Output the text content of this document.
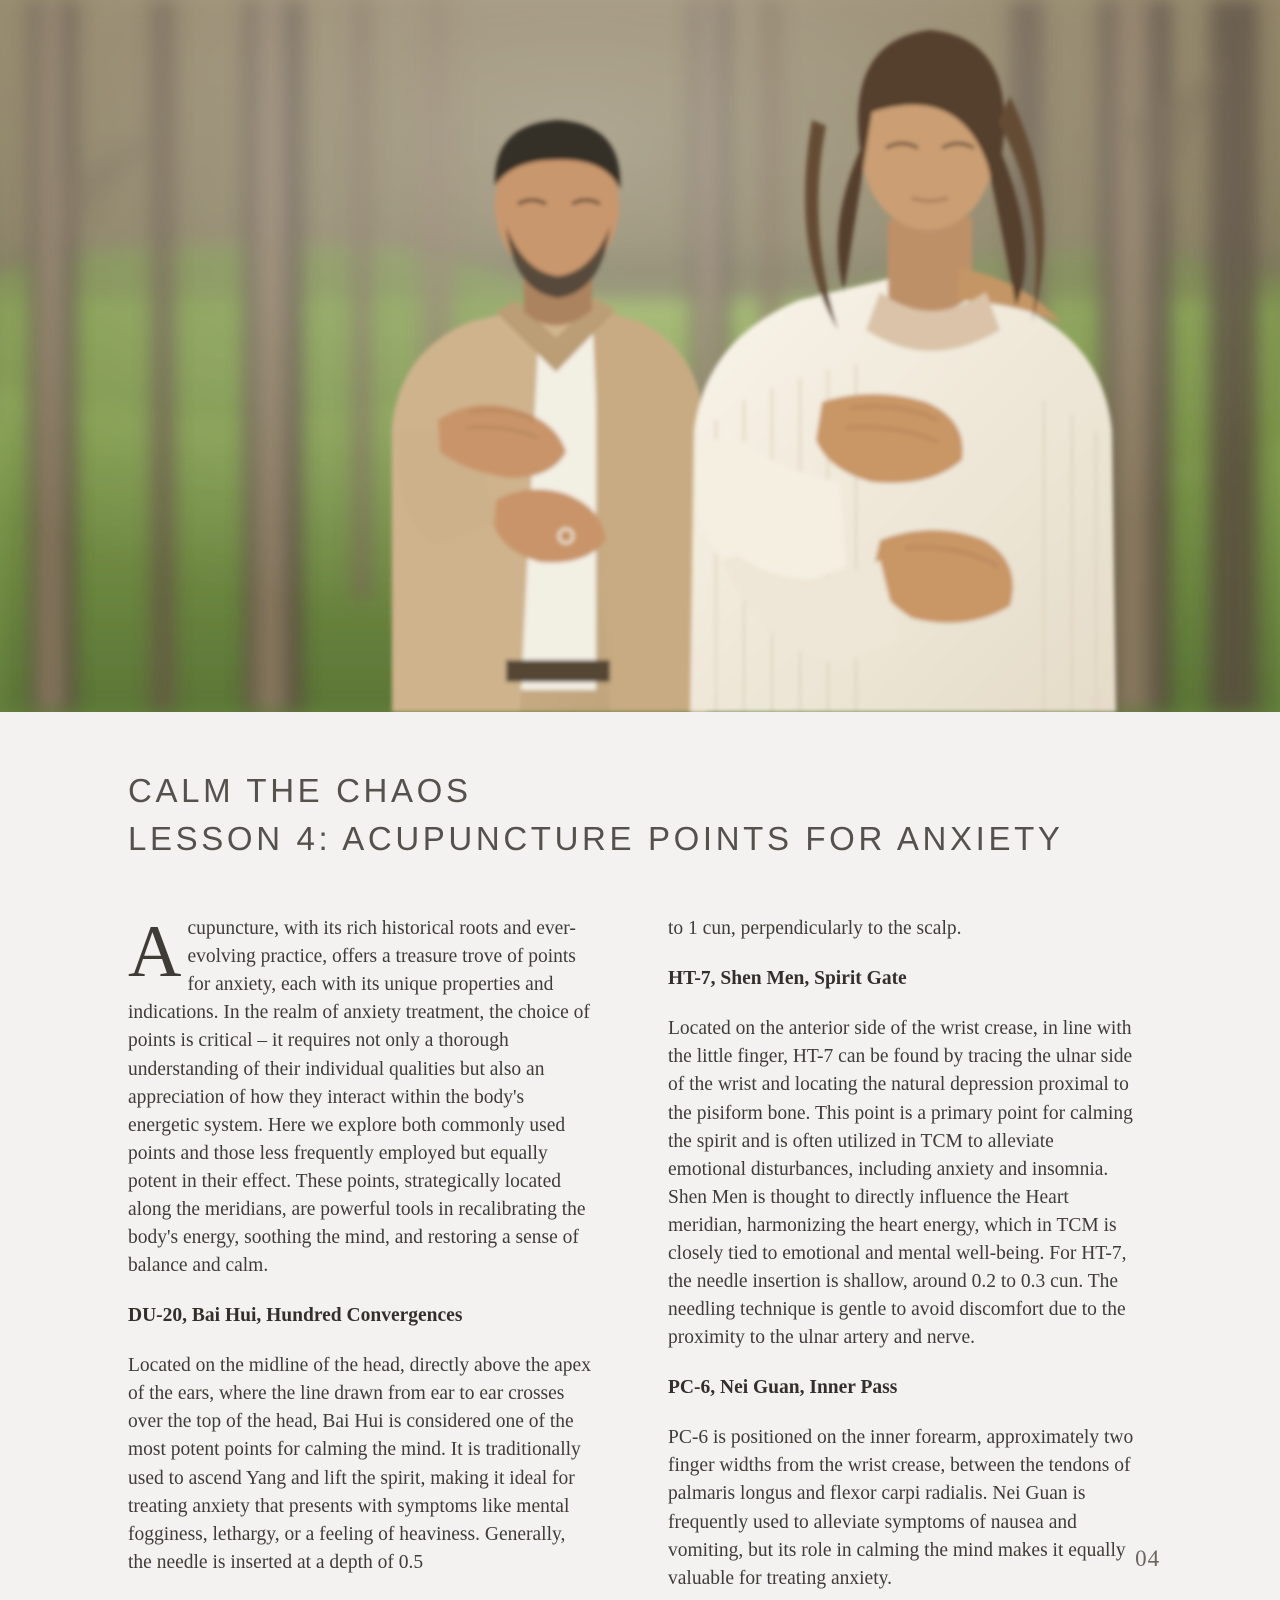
CALM THE CHAOS
LESSON 4: ACUPUNCTURE POINTS FOR ANXIETY

Acupuncture, with its rich historical roots and ever-evolving practice, offers a treasure trove of points for anxiety, each with its unique properties and indications. In the realm of anxiety treatment, the choice of points is critical – it requires not only a thorough understanding of their individual qualities but also an appreciation of how they interact within the body's energetic system. Here we explore both commonly used points and those less frequently employed but equally potent in their effect. These points, strategically located along the meridians, are powerful tools in recalibrating the body's energy, soothing the mind, and restoring a sense of balance and calm.

DU-20, Bai Hui, Hundred Convergences

Located on the midline of the head, directly above the apex of the ears, where the line drawn from ear to ear crosses over the top of the head, Bai Hui is considered one of the most potent points for calming the mind. It is traditionally used to ascend Yang and lift the spirit, making it ideal for treating anxiety that presents with symptoms like mental fogginess, lethargy, or a feeling of heaviness. Generally, the needle is inserted at a depth of 0.5

to 1 cun, perpendicularly to the scalp.

HT-7, Shen Men, Spirit Gate

Located on the anterior side of the wrist crease, in line with the little finger, HT-7 can be found by tracing the ulnar side of the wrist and locating the natural depression proximal to the pisiform bone. This point is a primary point for calming the spirit and is often utilized in TCM to alleviate emotional disturbances, including anxiety and insomnia. Shen Men is thought to directly influence the Heart meridian, harmonizing the heart energy, which in TCM is closely tied to emotional and mental well-being. For HT-7, the needle insertion is shallow, around 0.2 to 0.3 cun. The needling technique is gentle to avoid discomfort due to the proximity to the ulnar artery and nerve.

PC-6, Nei Guan, Inner Pass

PC-6 is positioned on the inner forearm, approximately two finger widths from the wrist crease, between the tendons of palmaris longus and flexor carpi radialis. Nei Guan is frequently used to alleviate symptoms of nausea and vomiting, but its role in calming the mind makes it equally valuable for treating anxiety.

04
